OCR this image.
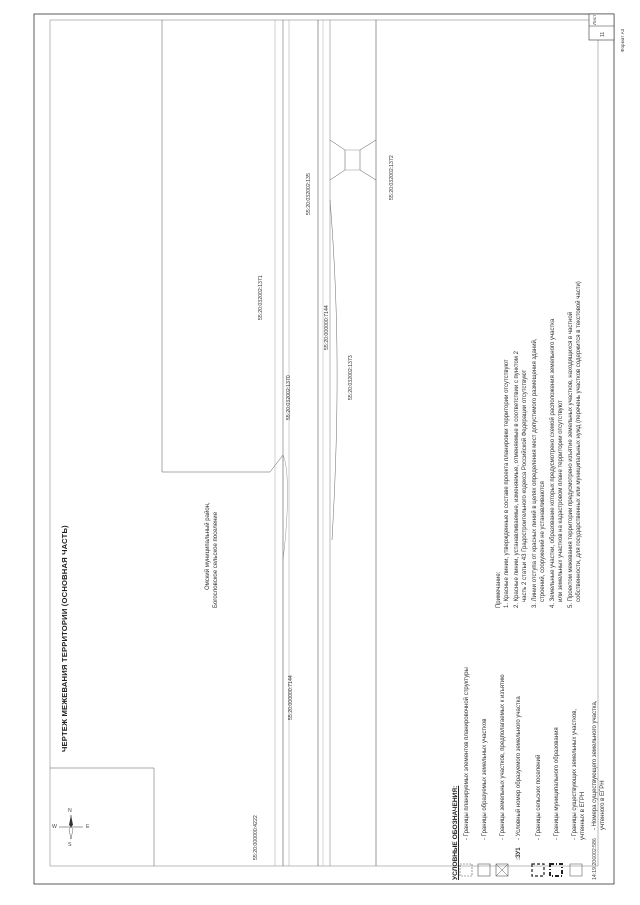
ЧЕРТЕЖ МЕЖЕВАНИЯ ТЕРРИТОРИИ (ОСНОВНАЯ ЧАСТЬ)
N
S
W	E
Омский муниципальный район, Богословское сельское поселение
55:20:000000:4222
55:20:000000:7144
55:20:032002:1371
55:20:032002:1370
55:20:032002:135
55:20:000000:7144
55:20:032002:1373
55:20:032002:1372
УСЛОВНЫЕ ОБОЗНАЧЕНИЯ:	:ЗУ1
- Границы планируемых элементов планировочной структуры - Границы образуемых земельных участков - Границы земельных участков, предполагаемых к изъятию - Условный номер образуемого земельного участка - Границы сельских поселений - Границы муниципального образования - Границы существующих земельных участков, учтенных в ЕГРН
14:19:206002:586
- Номера существующего земельного участка, учтенного в ЕГРН
Примечание: 1. Красные линии, утвержденные в составе проекта планировки территории отсутствуют 2. Красные линии, устанавливаемые, изменяемые, отменяемые в соответствии с пунктом 2 часть 2 статьи 43 Градостроительного кодекса Российской Федерации отсутствуют 3. Линии отступа от красных линий в целях определения мест допустимого размещения зданий, строений, сооружений не устанавливаются 4. Земельные участки, образование которых предусмотрено схемой расположения земельного участка или земельных участков на кадастровом плане территории отсутствуют 5. Проектом межевания территории предусмотрено изъятие земельных участков, находящихся в частной собственности, для государственных или муниципальных нужд (перечень участков содержится в текстовой части)
Лист
11	Формат А3
